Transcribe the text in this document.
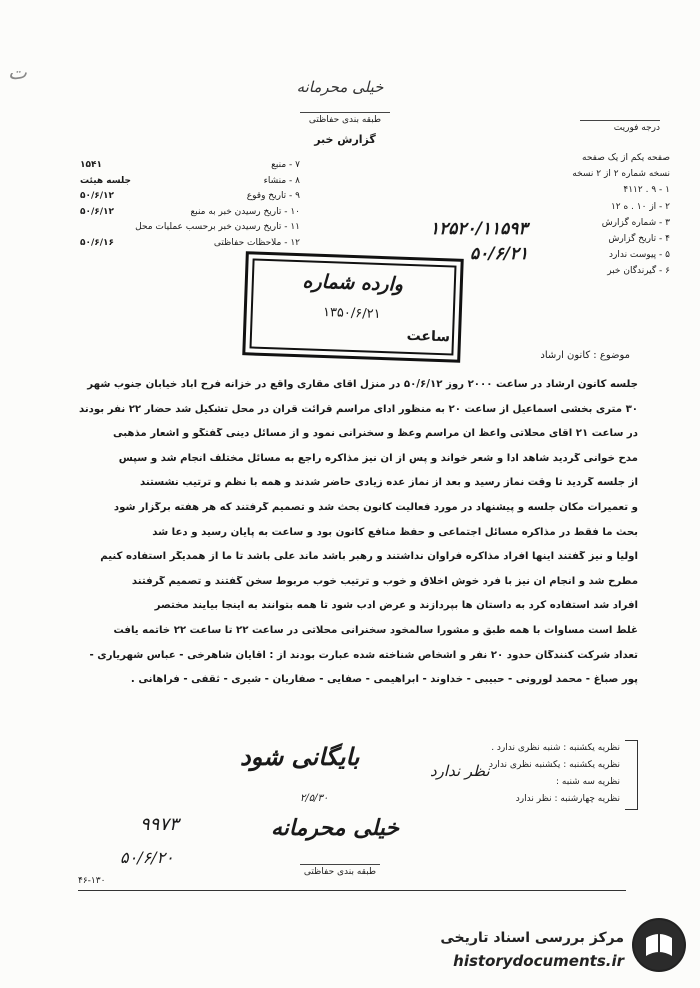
خیلی محرمانه
طبقه بندی حفاظتی
گزارش خبر
درجه فوریت
ت
صفحه یکم از یک صفحه
نسخه شماره ۲ از ۲ نسخه
۱ - ۹ . ۴۱۱۲
۲ - از ۱۰ . ه ۱۲
۳ - شماره گزارش
۴ - تاریخ گزارش
۵ - پیوست ندارد
۶ - گیرندگان خبر
۱۲۵۲۰/۱۱۵۹۳
۵۰/۶/۲۱
۷ - منبع
۱۵۴۱
۸ - منشاء
جلسه هیئت
۹ - تاریخ وقوع
۵۰/۶/۱۲
۱۰ - تاریخ رسیدن خبر به منبع
۵۰/۶/۱۲
۱۱ - تاریخ رسیدن خبر برحسب عملیات محل
۱۲ - ملاحظات حفاظتی
۵۰/۶/۱۶
وارده شماره
۱۳۵۰/۶/۲۱
ساعت
موضوع : کانون ارشاد
جلسه کانون ارشاد در ساعت ۲۰۰۰ روز ۵۰/۶/۱۲ در منزل آقای مقاری واقع در خزانه فرح آباد خیابان جنوب شهر
۳۰ متری بخشی اسماعیل از ساعت ۲۰ به منظور ادای مراسم قرائت قرآن در محل تشکیل شد حضار ۲۲ نفر بودند
در ساعت ۲۱ آقای محلاتی واعظ آن مراسم وعظ و سخنرانی نمود و از مسائل دینی گفتگو و اشعار مذهبی
مدح خوانی گردید شاهد ادا و شعر خواند و پس از آن نیز مذاکره راجع به مسائل مختلف انجام شد و سپس
از جلسه گردید تا وقت نماز رسید و بعد از نماز عده زیادی حاضر شدند و همه با نظم و ترتیب نشستند
و تعمیرات مکان جلسه و پیشنهاد در مورد فعالیت کانون بحث شد و تصمیم گرفتند که هر هفته برگزار شود
بحث ما فقط در مذاکره مسائل اجتماعی و حفظ منافع کانون بود و ساعت به پایان رسید و دعا شد
اولیا و نیز گفتند اینها افراد مذاکره فراوان نداشتند و رهبر باشد ماند علی باشد تا ما از همدیگر استفاده کنیم
مطرح شد و انجام آن نیز با فرد خوش اخلاق و خوب و ترتیب خوب مربوط سخن گفتند و تصمیم گرفتند
افراد شد استفاده کرد به داستان ها بپردازند و عرض ادب شود تا همه بتوانند به اینجا بیایند مختصر
غلط است مساوات با همه طبق و مشورا سالمخود سخنرانی محلاتی در ساعت ۲۲ تا ساعت ۲۲ خاتمه یافت
تعداد شرکت کنندگان حدود ۲۰ نفر و اشخاص شناخته شده عبارت بودند از : آقایان شاهرخی - عباس شهریاری -
پور صباغ - محمد لورونی - حبیبی - خداوند - ابراهیمی - صفایی - صفاریان - شیری - ثقفی - فراهانی .
نظریه یکشنبه : شنبه نظری ندارد .
نظریه یکشنبه : یکشنبه نظری ندارد
نظریه سه شنبه :
نظریه چهارشنبه : نظر ندارد
بایگانی شود	نظر ندارد
۲/۵/۳۰
۹۹۷۳
۵۰/۶/۲۰
خیلی محرمانه
طبقه بندی حفاظتی
۴۶-۱۳۰
مرکز بررسی اسناد تاریخی
historydocuments.ir
